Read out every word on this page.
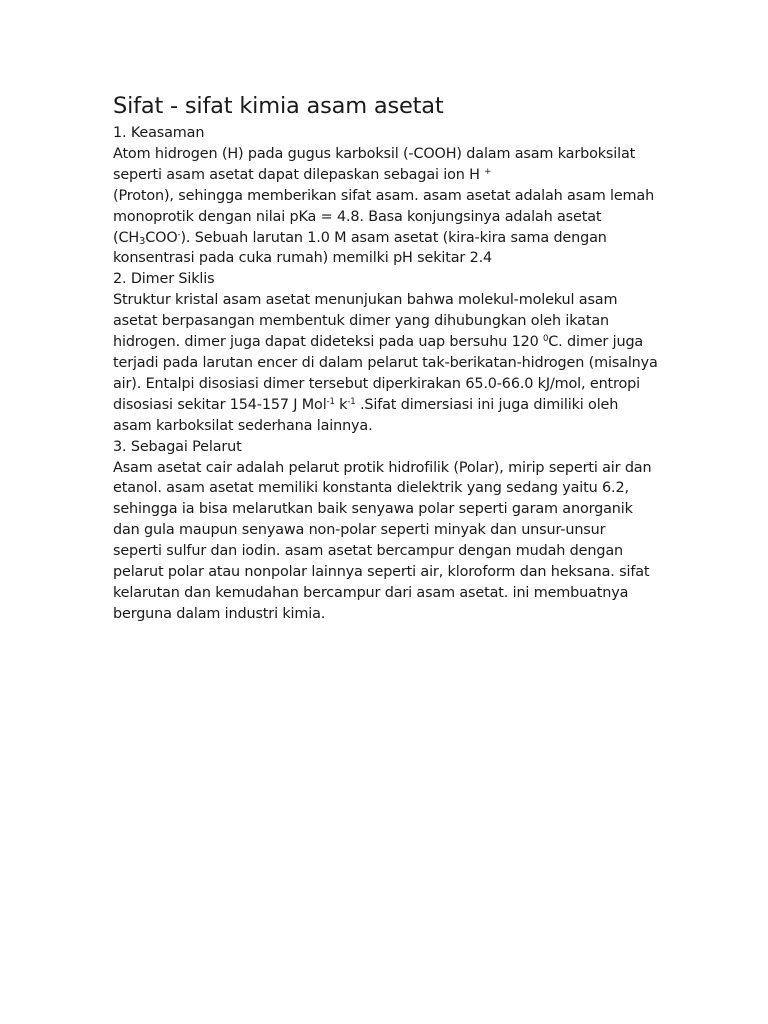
Sifat - sifat kimia asam asetat
1. Keasaman

Atom hidrogen (H) pada gugus karboksil (-COOH) dalam asam karboksilat seperti asam asetat dapat dilepaskan sebagai ion H +
(Proton), sehingga memberikan sifat asam. asam asetat adalah asam lemah monoprotik dengan nilai pKa = 4.8. Basa konjungsinya adalah asetat $(CH_3COO^-)$. Sebuah larutan 1.0 M asam asetat (kira-kira sama dengan konsentrasi pada cuka rumah) memilki pH sekitar 2.4

2. Dimer Siklis

Struktur kristal asam asetat menunjukan bahwa molekul-molekul asam asetat berpasangan membentuk dimer yang dihubungkan oleh ikatan hidrogen. dimer juga dapat dideteksi pada uap bersuhu 120 $^0$C. dimer juga terjadi pada larutan encer di dalam pelarut tak-berikatan-hidrogen (misalnya air). Entalpi disosiasi dimer tersebut diperkirakan 65.0-66.0 kJ/mol, entropi disosiasi sekitar 154-157 J Mol$^{-1}$ $k^{-1}$ .Sifat dimersiasi ini juga dimiliki oleh asam karboksilat sederhana lainnya.

3. Sebagai Pelarut

Asam asetat cair adalah pelarut protik hidrofilik (Polar), mirip seperti air dan etanol. asam asetat memiliki konstanta dielektrik yang sedang yaitu 6.2, sehingga ia bisa melarutkan baik senyawa polar seperti garam anorganik dan gula maupun senyawa non-polar seperti minyak dan unsur-unsur seperti sulfur dan iodin. asam asetat bercampur dengan mudah dengan pelarut polar atau nonpolar lainnya seperti air, kloroform dan heksana. sifat kelarutan dan kemudahan bercampur dari asam asetat. ini membuatnya berguna dalam industri kimia.
